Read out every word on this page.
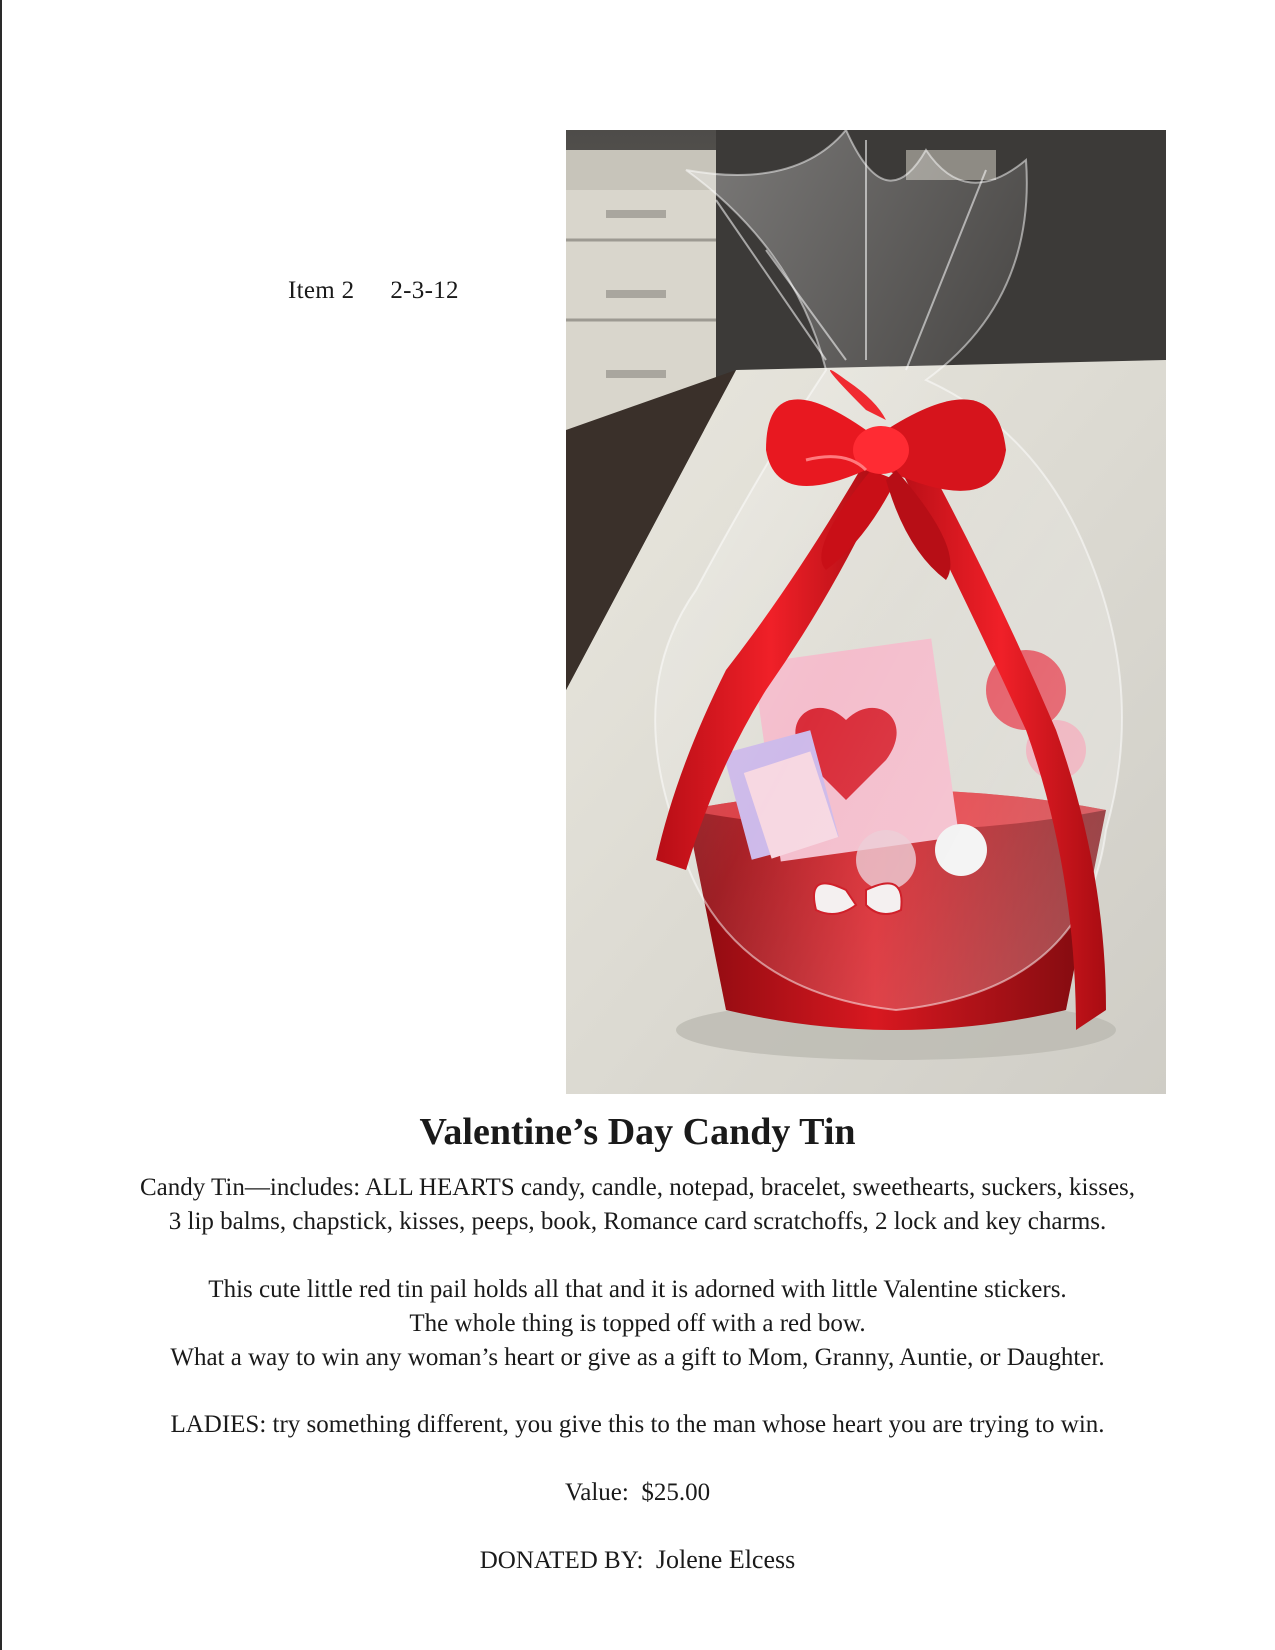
Item 2 2-3-12
Valentine’s Day Candy Tin
Candy Tin—includes: ALL HEARTS candy, candle, notepad, bracelet, sweethearts, suckers, kisses,
3 lip balms, chapstick, kisses, peeps, book, Romance card scratchoffs, 2 lock and key charms.
This cute little red tin pail holds all that and it is adorned with little Valentine stickers.
The whole thing is topped off with a red bow.
What a way to win any woman’s heart or give as a gift to Mom, Granny, Auntie, or Daughter.
LADIES: try something different, you give this to the man whose heart you are trying to win.
Value: $25.00
DONATED BY: Jolene Elcess
